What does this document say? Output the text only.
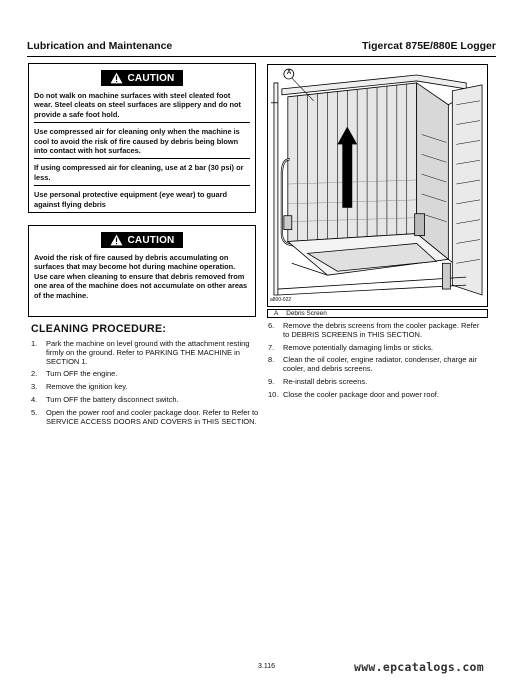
Lubrication and Maintenance	Tigercat 875E/880E Logger
CAUTION

Do not walk on machine surfaces with steel cleated foot wear. Steel cleats on steel surfaces are slippery and do not provide a safe foot hold.

Use compressed air for cleaning only when the machine is cool to avoid the risk of fire caused by debris being blown into contact with hot surfaces.

If using compressed air for cleaning, use at 2 bar (30 psi) or less.

Use personal protective equipment (eye wear) to guard against flying debris

CAUTION

Avoid the risk of fire caused by debris accumulating on surfaces that may become hot during machine operation. Use care when cleaning to ensure that debris removed from one area of the machine does not accumulate on other areas of the machine.

CLEANING PROCEDURE:
1.	Park the machine on level ground with the attachment resting firmly on the ground. Refer to PARKING THE MACHINE in SECTION 1.
2.	Turn OFF the engine.
3.	Remove the ignition key.
4.	Turn OFF the battery disconnect switch.
5.	Open the power roof and cooler package door. Refer to Refer to SERVICE ACCESS DOORS AND COVERS in THIS SECTION.
6.	Remove the debris screens from the cooler package. Refer to DEBRIS SCREENS in THIS SECTION.
7.	Remove potentially damaging limbs or sticks.
8.	Clean the oil cooler, engine radiator, condenser, charge air cooler, and debris screens.
9.	Re-install debris screens.
10. Close the cooler package door and power roof.
A
a800-022
A Debris Screen
3.116	www.epcatalogs.com
